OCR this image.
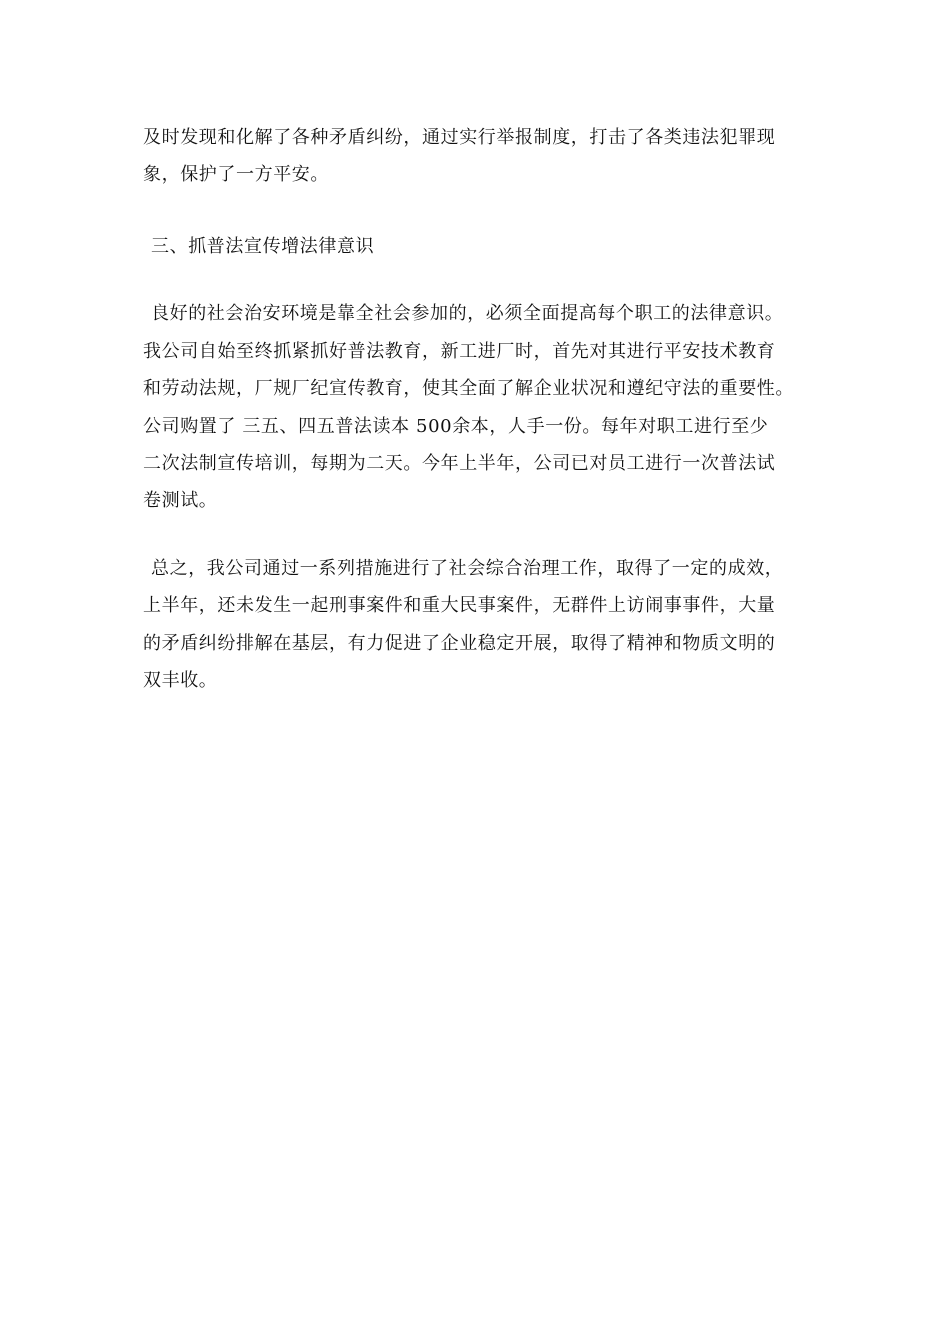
及时发现和化解了各种矛盾纠纷，通过实行举报制度，打击了各类违法犯罪现
象，保护了一方平安。
三、抓普法宣传增法律意识
良好的社会治安环境是靠全社会参加的，必须全面提高每个职工的法律意识。
我公司自始至终抓紧抓好普法教育，新工进厂时，首先对其进行平安技术教育
和劳动法规，厂规厂纪宣传教育，使其全面了解企业状况和遵纪守法的重要性。
公司购置了 三五、四五普法读本 500余本，人手一份。每年对职工进行至少
二次法制宣传培训，每期为二天。今年上半年，公司已对员工进行一次普法试
卷测试。
总之，我公司通过一系列措施进行了社会综合治理工作，取得了一定的成效，
上半年，还未发生一起刑事案件和重大民事案件，无群件上访闹事事件，大量
的矛盾纠纷排解在基层，有力促进了企业稳定开展，取得了精神和物质文明的
双丰收。
